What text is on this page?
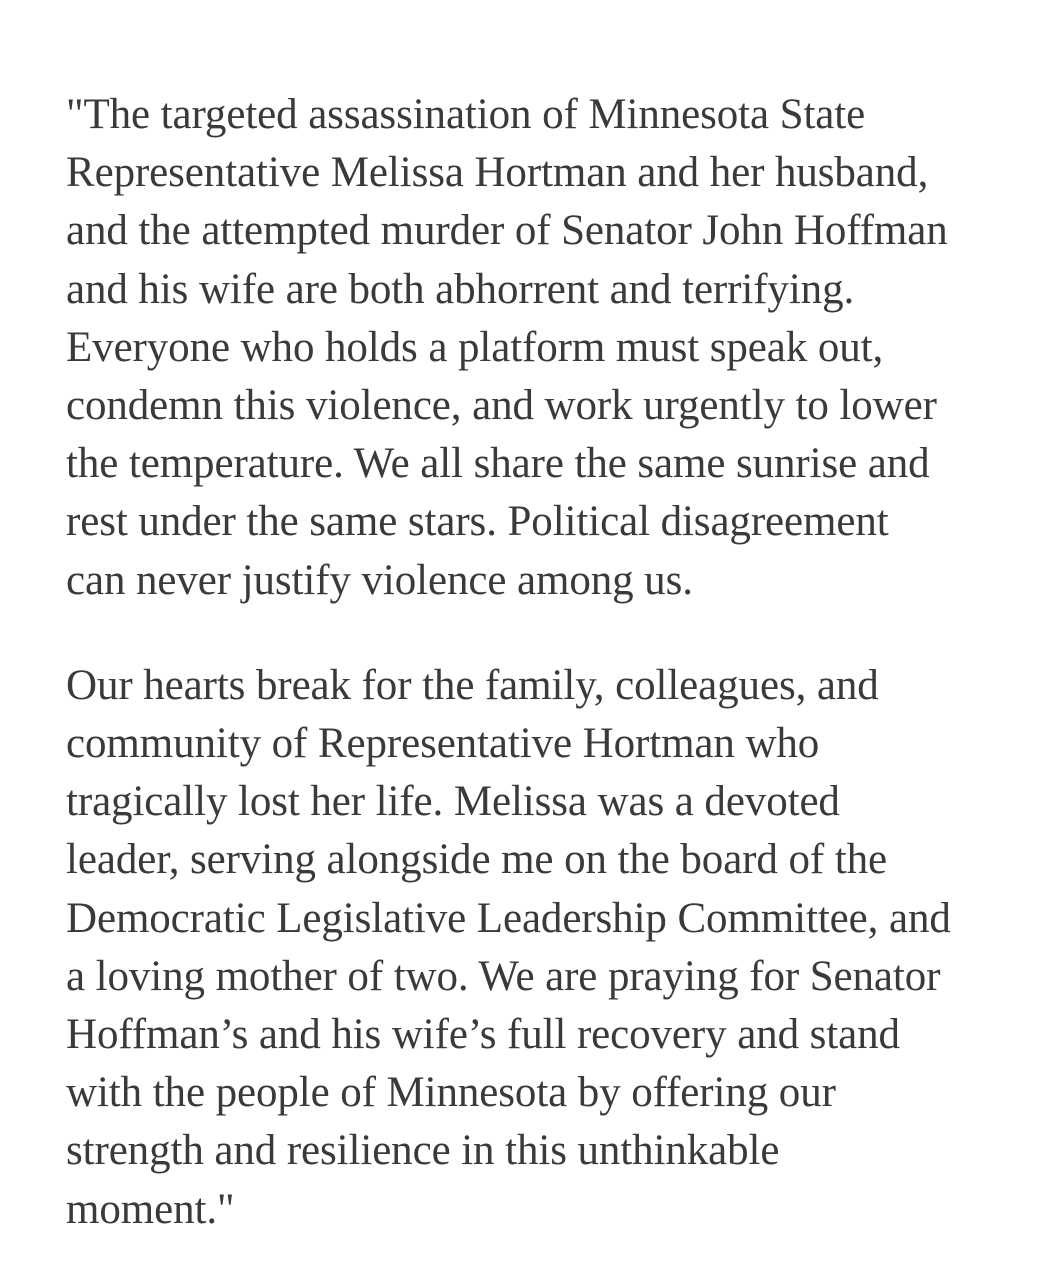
"The targeted assassination of Minnesota State
Representative Melissa Hortman and her husband,
and the attempted murder of Senator John Hoffman
and his wife are both abhorrent and terrifying.
Everyone who holds a platform must speak out,
condemn this violence, and work urgently to lower
the temperature. We all share the same sunrise and
rest under the same stars. Political disagreement
can never justify violence among us.

Our hearts break for the family, colleagues, and
community of Representative Hortman who
tragically lost her life. Melissa was a devoted
leader, serving alongside me on the board of the
Democratic Legislative Leadership Committee, and
a loving mother of two. We are praying for Senator
Hoffman’s and his wife’s full recovery and stand
with the people of Minnesota by offering our
strength and resilience in this unthinkable
moment."
